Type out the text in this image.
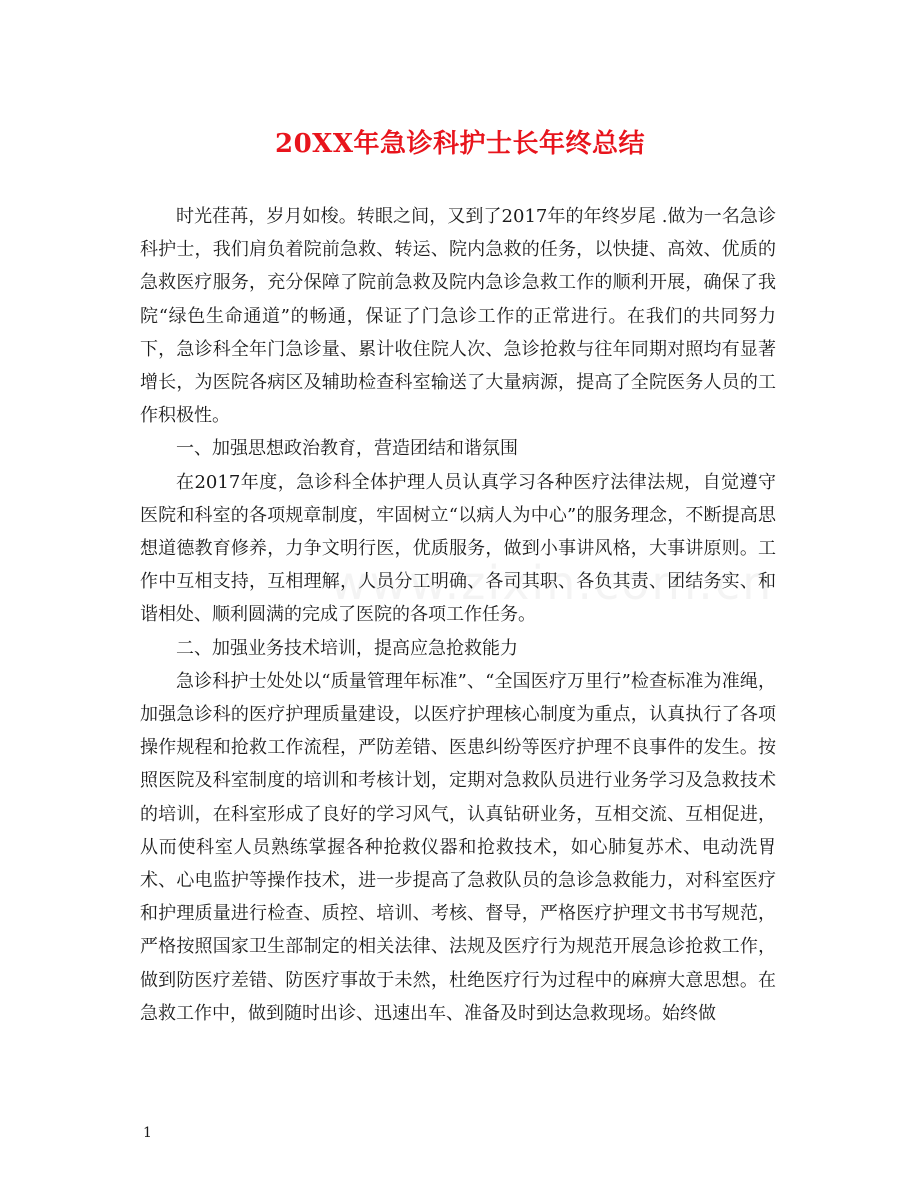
20XX年急诊科护士长年终总结

时光荏苒，岁月如梭。转眼之间，又到了2017年的年终岁尾 .做为一名急诊科护士，我们肩负着院前急救、转运、院内急救的任务，以快捷、高效、优质的急救医疗服务，充分保障了院前急救及院内急诊急救工作的顺利开展，确保了我院“绿色生命通道”的畅通，保证了门急诊工作的正常进行。在我们的共同努力下，急诊科全年门急诊量、累计收住院人次、急诊抢救与往年同期对照均有显著增长，为医院各病区及辅助检查科室输送了大量病源，提高了全院医务人员的工作积极性。

一、加强思想政治教育，营造团结和谐氛围

在2017年度，急诊科全体护理人员认真学习各种医疗法律法规，自觉遵守医院和科室的各项规章制度，牢固树立“以病人为中心”的服务理念，不断提高思想道德教育修养，力争文明行医，优质服务，做到小事讲风格，大事讲原则。工作中互相支持，互相理解，人员分工明确、各司其职、各负其责、团结务实、和谐相处、顺利圆满的完成了医院的各项工作任务。

二、加强业务技术培训，提高应急抢救能力

急诊科护士处处以“质量管理年标准”、“全国医疗万里行”检查标准为准绳，加强急诊科的医疗护理质量建设，以医疗护理核心制度为重点，认真执行了各项操作规程和抢救工作流程，严防差错、医患纠纷等医疗护理不良事件的发生。按照医院及科室制度的培训和考核计划，定期对急救队员进行业务学习及急救技术的培训，在科室形成了良好的学习风气，认真钻研业务，互相交流、互相促进，从而使科室人员熟练掌握各种抢救仪器和抢救技术，如心肺复苏术、电动洗胃术、心电监护等操作技术，进一步提高了急救队员的急诊急救能力，对科室医疗和护理质量进行检查、质控、培训、考核、督导，严格医疗护理文书书写规范，严格按照国家卫生部制定的相关法律、法规及医疗行为规范开展急诊抢救工作，做到防医疗差错、防医疗事故于未然，杜绝医疗行为过程中的麻痹大意思想。在急救工作中，做到随时出诊、迅速出车、准备及时到达急救现场。始终做

1
